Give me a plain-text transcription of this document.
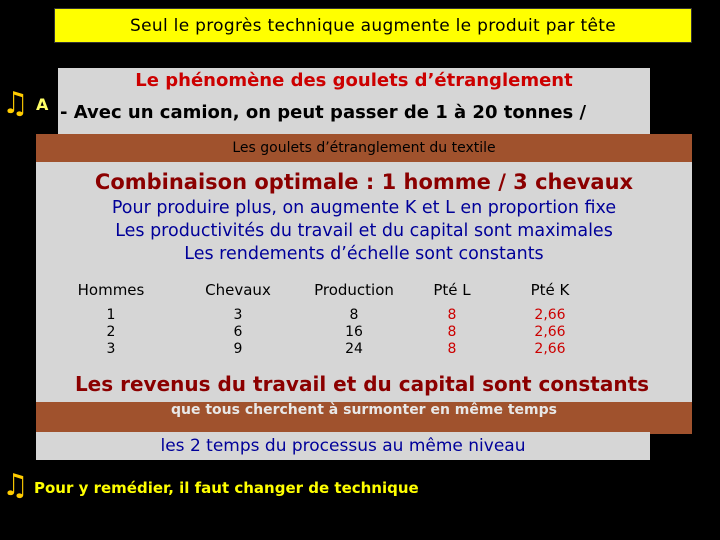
Seul le progrès technique augmente le produit par tête
Le phénomène des goulets d’étranglement
♫ A - Avec un camion, on peut passer de 1 à 20 tonnes /
Les goulets d’étranglement du textile
que tous cherchent à surmonter en même temps
Combinaison optimale : 1 homme / 3 chevaux
Pour produire plus, on augmente K et L en proportion fixe
Les productivités du travail et du capital sont maximales
Les rendements d’échelle sont constants
Hommes
1
2
3
Chevaux
3
6
9
Production
8
16
24
Pté L
8
8
8
Pté K
2,66
2,66
2,66
Les revenus du travail et du capital sont constants
les 2 temps du processus au même niveau
♫ Pour y remédier, il faut changer de technique
